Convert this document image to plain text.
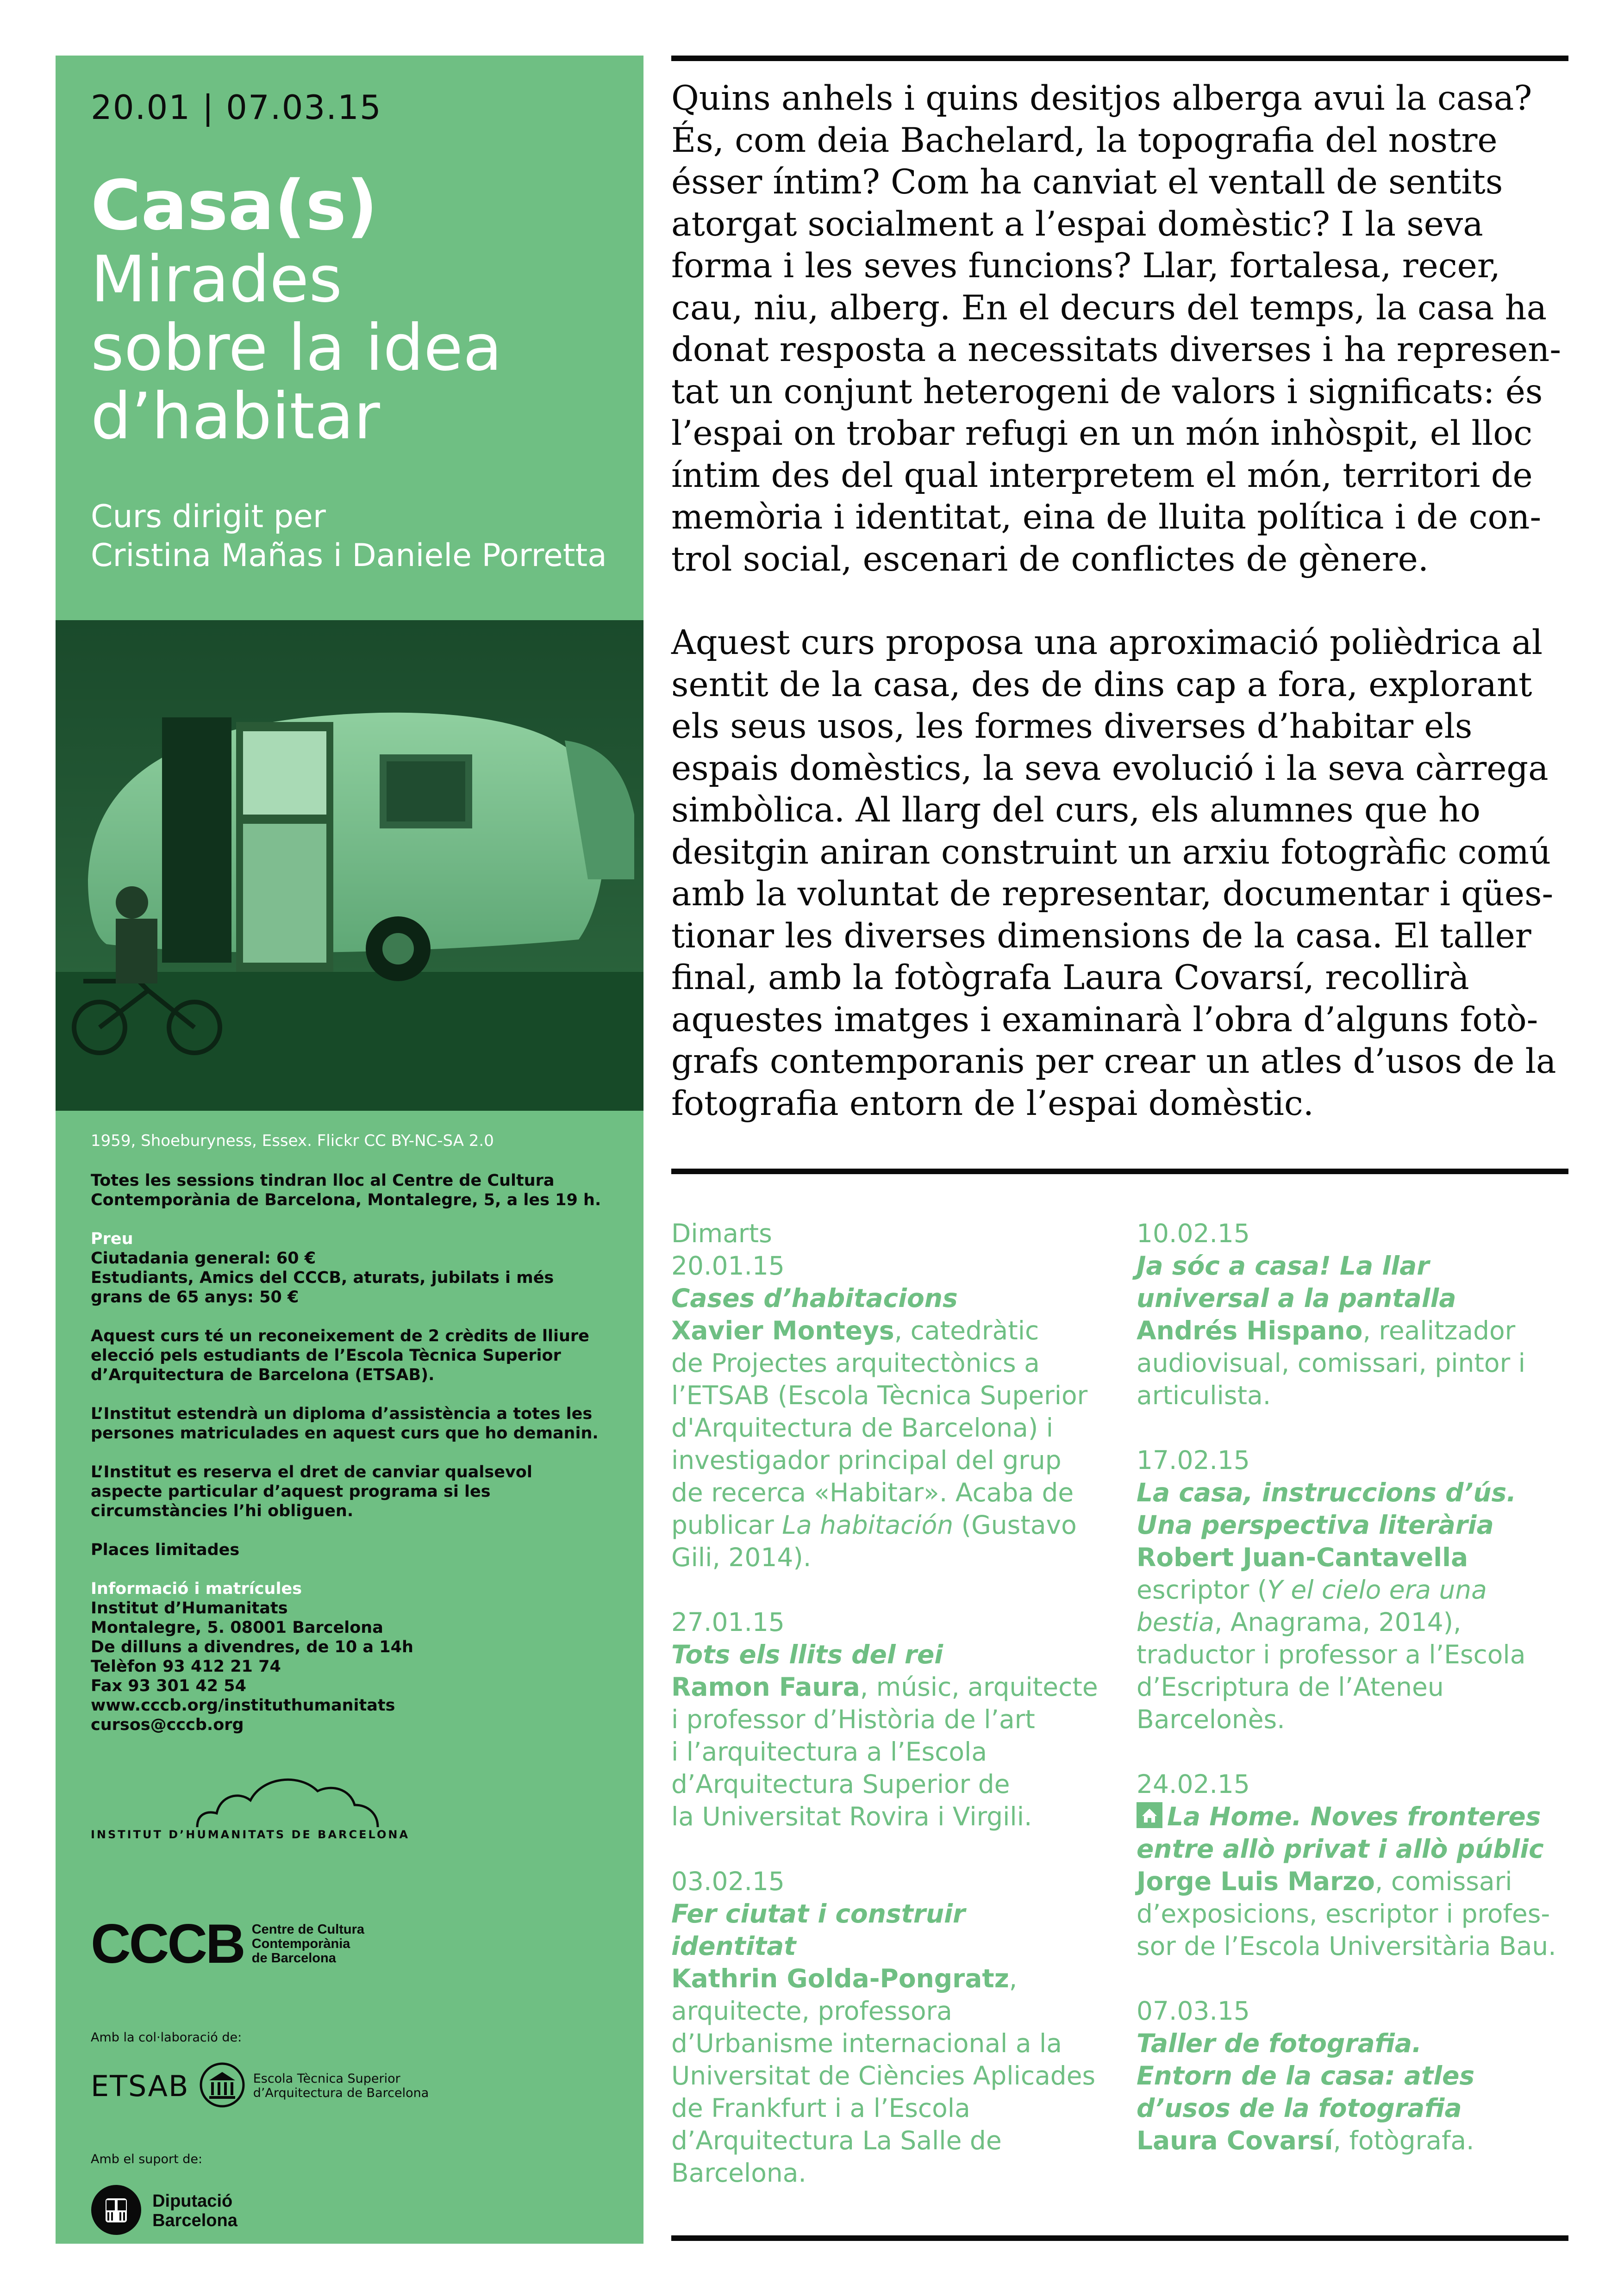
20.01 | 07.03.15
Casa(s)
Mirades
sobre la idea
d’habitar
Curs dirigit per
Cristina Mañas i Daniele Porretta
1959, Shoeburyness, Essex. Flickr CC BY-NC-SA 2.0

Totes les sessions tindran lloc al Centre de Cultura
Contemporània de Barcelona, Montalegre, 5, a les 19 h.

Preu
Ciutadania general: 60 €
Estudiants, Amics del CCCB, aturats, jubilats i més
grans de 65 anys: 50 €

Aquest curs té un reconeixement de 2 crèdits de lliure
elecció pels estudiants de l’Escola Tècnica Superior
d’Arquitectura de Barcelona (ETSAB).

L’Institut estendrà un diploma d’assistència a totes les
persones matriculades en aquest curs que ho demanin.

L’Institut es reserva el dret de canviar qualsevol
aspecte particular d’aquest programa si les
circumstàncies l’hi obliguen.

Places limitades

Informació i matrícules
Institut d’Humanitats
Montalegre, 5. 08001 Barcelona
De dilluns a divendres, de 10 a 14h
Telèfon 93 412 21 74
Fax 93 301 42 54
www.cccb.org/instituthumanitats
cursos@cccb.org

INSTITUT D’HUMANITATS DE BARCELONA
CCCB Centre de Cultura
Contemporània
de Barcelona
Amb la col·laboració de:
ETSAB	Escola Tècnica Superior
d’Arquitectura de Barcelona
Amb el suport de:

Diputació
Barcelona
Quins anhels i quins desitjos alberga avui la casa?
És, com deia Bachelard, la topografia del nostre
ésser íntim? Com ha canviat el ventall de sentits
atorgat socialment a l’espai domèstic? I la seva
forma i les seves funcions? Llar, fortalesa, recer,
cau, niu, alberg. En el decurs del temps, la casa ha
donat resposta a necessitats diverses i ha represen-
tat un conjunt heterogeni de valors i significats: és
l’espai on trobar refugi en un món inhòspit, el lloc
íntim des del qual interpretem el món, territori de
memòria i identitat, eina de lluita política i de con-
trol social, escenari de conflictes de gènere.
Aquest curs proposa una aproximació polièdrica al
sentit de la casa, des de dins cap a fora, explorant
els seus usos, les formes diverses d’habitar els
espais domèstics, la seva evolució i la seva càrrega
simbòlica. Al llarg del curs, els alumnes que ho
desitgin aniran construint un arxiu fotogràfic comú
amb la voluntat de representar, documentar i qües-
tionar les diverses dimensions de la casa. El taller
final, amb la fotògrafa Laura Covarsí, recollirà
aquestes imatges i examinarà l’obra d’alguns fotò-
grafs contemporanis per crear un atles d’usos de la
fotografia entorn de l’espai domèstic.
Dimarts
20.01.15
Cases d’habitacions
Xavier Monteys, catedràtic
de Projectes arquitectònics a
l’ETSAB (Escola Tècnica Superior
d'Arquitectura de Barcelona) i
investigador principal del grup
de recerca «Habitar». Acaba de
publicar La habitación (Gustavo
Gili, 2014).
27.01.15
Tots els llits del rei
Ramon Faura, músic, arquitecte
i professor d’Història de l’art
i l’arquitectura a l’Escola
d’Arquitectura Superior de
la Universitat Rovira i Virgili.
03.02.15
Fer ciutat i construir
identitat
Kathrin Golda-Pongratz,
arquitecte, professora
d’Urbanisme internacional a la
Universitat de Ciències Aplicades
de Frankfurt i a l’Escola
d’Arquitectura La Salle de
Barcelona.
10.02.15
Ja sóc a casa! La llar
universal a la pantalla
Andrés Hispano, realitzador
audiovisual, comissari, pintor i
articulista.
17.02.15
La casa, instruccions d’ús.
Una perspectiva literària
Robert Juan-Cantavella
escriptor (Y el cielo era una
bestia, Anagrama, 2014),
traductor i professor a l’Escola
d’Escriptura de l’Ateneu
Barcelonès.
24.02.15
La Home. Noves fronteres
entre allò privat i allò públic
Jorge Luis Marzo, comissari
d’exposicions, escriptor i profes-
sor de l’Escola Universitària Bau.
07.03.15
Taller de fotografia.
Entorn de la casa: atles
d’usos de la fotografia
Laura Covarsí, fotògrafa.
